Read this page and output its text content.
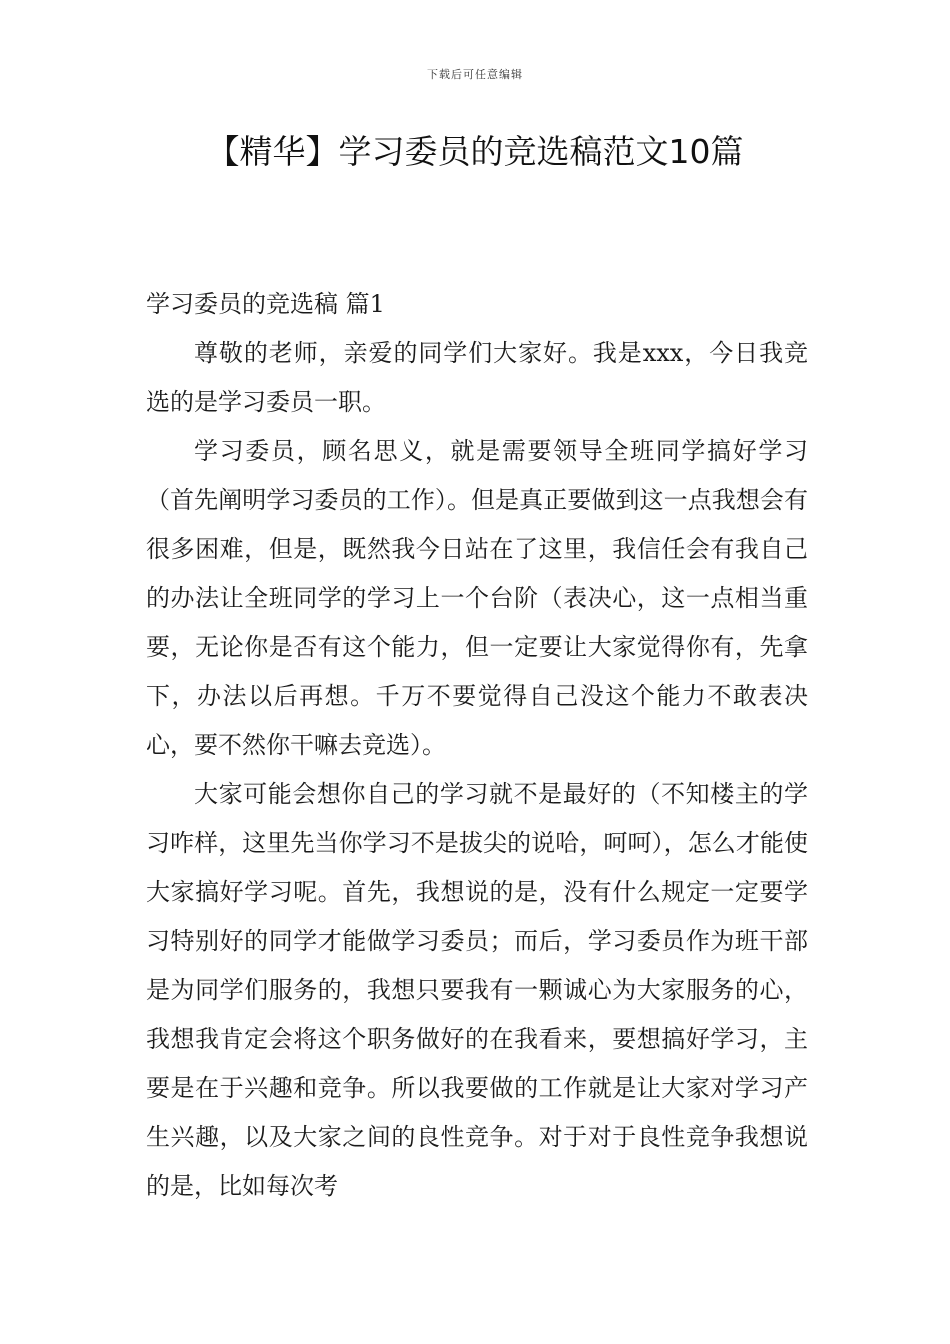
下载后可任意编辑
【精华】学习委员的竞选稿范文10篇

学习委员的竞选稿 篇1

尊敬的老师，亲爱的同学们大家好。我是xxx，今日我竞选的是学习委员一职。

学习委员，顾名思义，就是需要领导全班同学搞好学习（首先阐明学习委员的工作）。但是真正要做到这一点我想会有很多困难，但是，既然我今日站在了这里，我信任会有我自己的办法让全班同学的学习上一个台阶（表决心，这一点相当重要，无论你是否有这个能力，但一定要让大家觉得你有，先拿下，办法以后再想。千万不要觉得自己没这个能力不敢表决心，要不然你干嘛去竞选）。

大家可能会想你自己的学习就不是最好的（不知楼主的学习咋样，这里先当你学习不是拔尖的说哈，呵呵），怎么才能使大家搞好学习呢。首先，我想说的是，没有什么规定一定要学习特别好的同学才能做学习委员；而后，学习委员作为班干部是为同学们服务的，我想只要我有一颗诚心为大家服务的心，我想我肯定会将这个职务做好的在我看来，要想搞好学习，主要是在于兴趣和竞争。所以我要做的工作就是让大家对学习产生兴趣，以及大家之间的良性竞争。对于对于良性竞争我想说的是，比如每次考
